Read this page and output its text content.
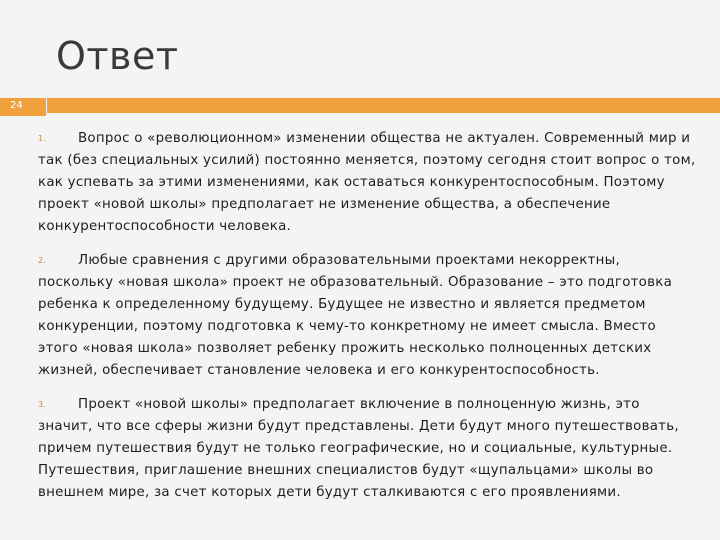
Ответ
24

1. Вопрос о «революционном» изменении общества не актуален. Современный мир и так (без специальных усилий) постоянно меняется, поэтому сегодня стоит вопрос о том, как успевать за этими изменениями, как оставаться конкурентоспособным. Поэтому проект «новой школы» предполагает не изменение общества, а обеспечение конкурентоспособности человека.

2. Любые сравнения с другими образовательными проектами некорректны, поскольку «новая школа» проект не образовательный. Образование – это подготовка ребенка к определенному будущему. Будущее не известно и является предметом конкуренции, поэтому подготовка к чему-то конкретному не имеет смысла. Вместо этого «новая школа» позволяет ребенку прожить несколько полноценных детских жизней, обеспечивает становление человека и его конкурентоспособность.

3. Проект «новой школы» предполагает включение в полноценную жизнь, это значит, что все сферы жизни будут представлены. Дети будут много путешествовать, причем путешествия будут не только географические, но и социальные, культурные. Путешествия, приглашение внешних специалистов будут «щупальцами» школы во внешнем мире, за счет которых дети будут сталкиваются с его проявлениями.
